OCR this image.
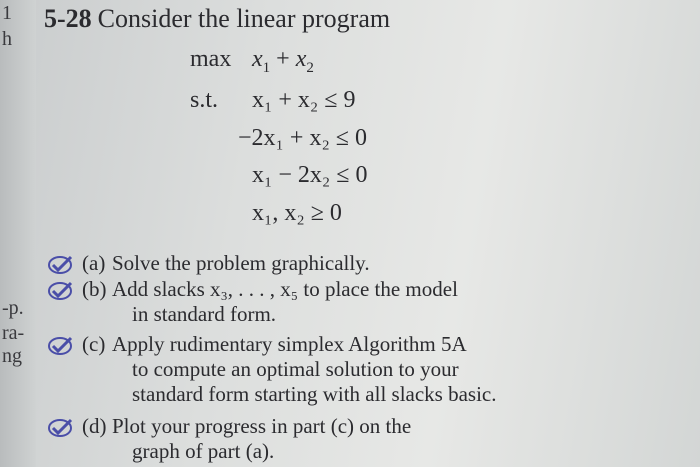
1
h
-p.
ra-
ng
5-28 Consider the linear program
$\max x_1 + x_2$
s.t. x₁ + x₂ ≤ 9
−2x₁ + x₂ ≤ 0
x₁ − 2x₂ ≤ 0
x₁, x₂ ≥ 0
(a) Solve the problem graphically.
(b) Add slacks x₃, . . . , x₅ to place the model
in standard form.
(c) Apply rudimentary simplex Algorithm 5A
to compute an optimal solution to your
standard form starting with all slacks basic.
(d) Plot your progress in part (c) on the
graph of part (a).
